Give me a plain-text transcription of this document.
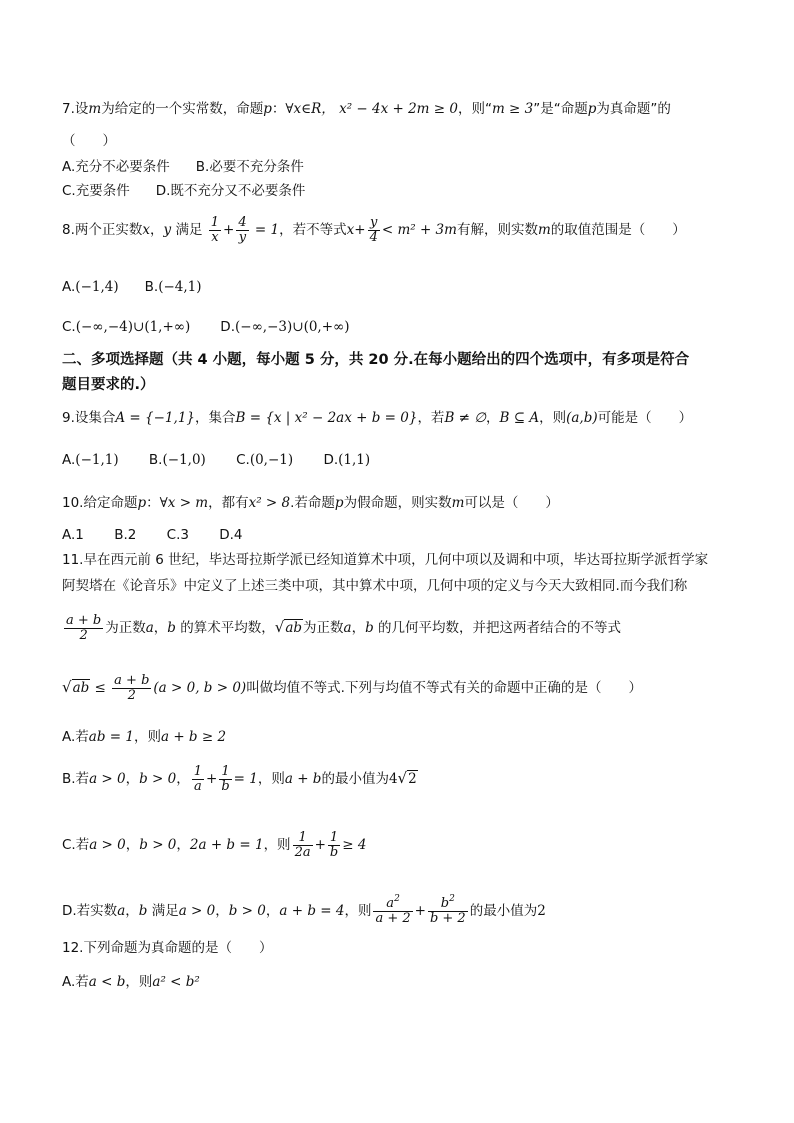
7.设m为给定的一个实常数，命题p：∀x∈R， x² − 4x + 2m ≥ 0，则“m ≥ 3”是“命题p为真命题”的
（　　）
A.充分不必要条件 B.必要不充分条件
C.充要条件 D.既不充分又不必要条件
8.两个正实数x，y 满足 $\frac{1}{x} + \frac{4}{y} = 1$，若不等式$x+ \frac{y}{4} < m^2 + 3m$有解，则实数m的取值范围是（　　）
A.(−1,4) B.(−4,1)
C.(−∞,−4)∪(1,+∞) D.(−∞,−3)∪(0,+∞)
二、多项选择题（共 4 小题，每小题 5 分，共 20 分.在每小题给出的四个选项中，有多项是符合
题目要求的.）
9.设集合A = {−1,1}，集合B = {x | x² − 2ax + b = 0}，若B ≠ ∅，B ⊆ A，则(a,b)可能是（　　）
A.(−1,1) B.(−1,0) C.(0,−1) D.(1,1)
10.给定命题p：∀x > m，都有x² > 8.若命题p为假命题，则实数m可以是（　　）
A.1 B.2 C.3 D.4
11.早在西元前 6 世纪，毕达哥拉斯学派已经知道算术中项，几何中项以及调和中项，毕达哥拉斯学派哲学家
阿契塔在《论音乐》中定义了上述三类中项，其中算术中项，几何中项的定义与今天大致相同.而今我们称
$\frac{a + b}{2}$ 为正数a，b 的算术平均数，√ab为正数a，b 的几何平均数，并把这两者结合的不等式
$√ab \le \frac{a + b}{2} (a > 0$, b > 0)叫做均值不等式.下列与均值不等式有关的命题中正确的是（　　）
A.若ab = 1，则a + b ≥ 2
B.若a > 0，b > 0， $\frac{1}{a} + \frac{1}{b} = 1$，则a + b的最小值为4√2
C.若a > 0，b > 0，2a + b = 1，则 $\frac{1}{2a} + \frac{1}{b} \ge 4$
D.若实数a，b 满足a > 0，b > 0，a + b = 4，则 $\frac{a^2}{a + 2} + \frac{b^2}{b + 2}$ 的最小值为2
12.下列命题为真命题的是（　　）
A.若a < b，则a² < b²
